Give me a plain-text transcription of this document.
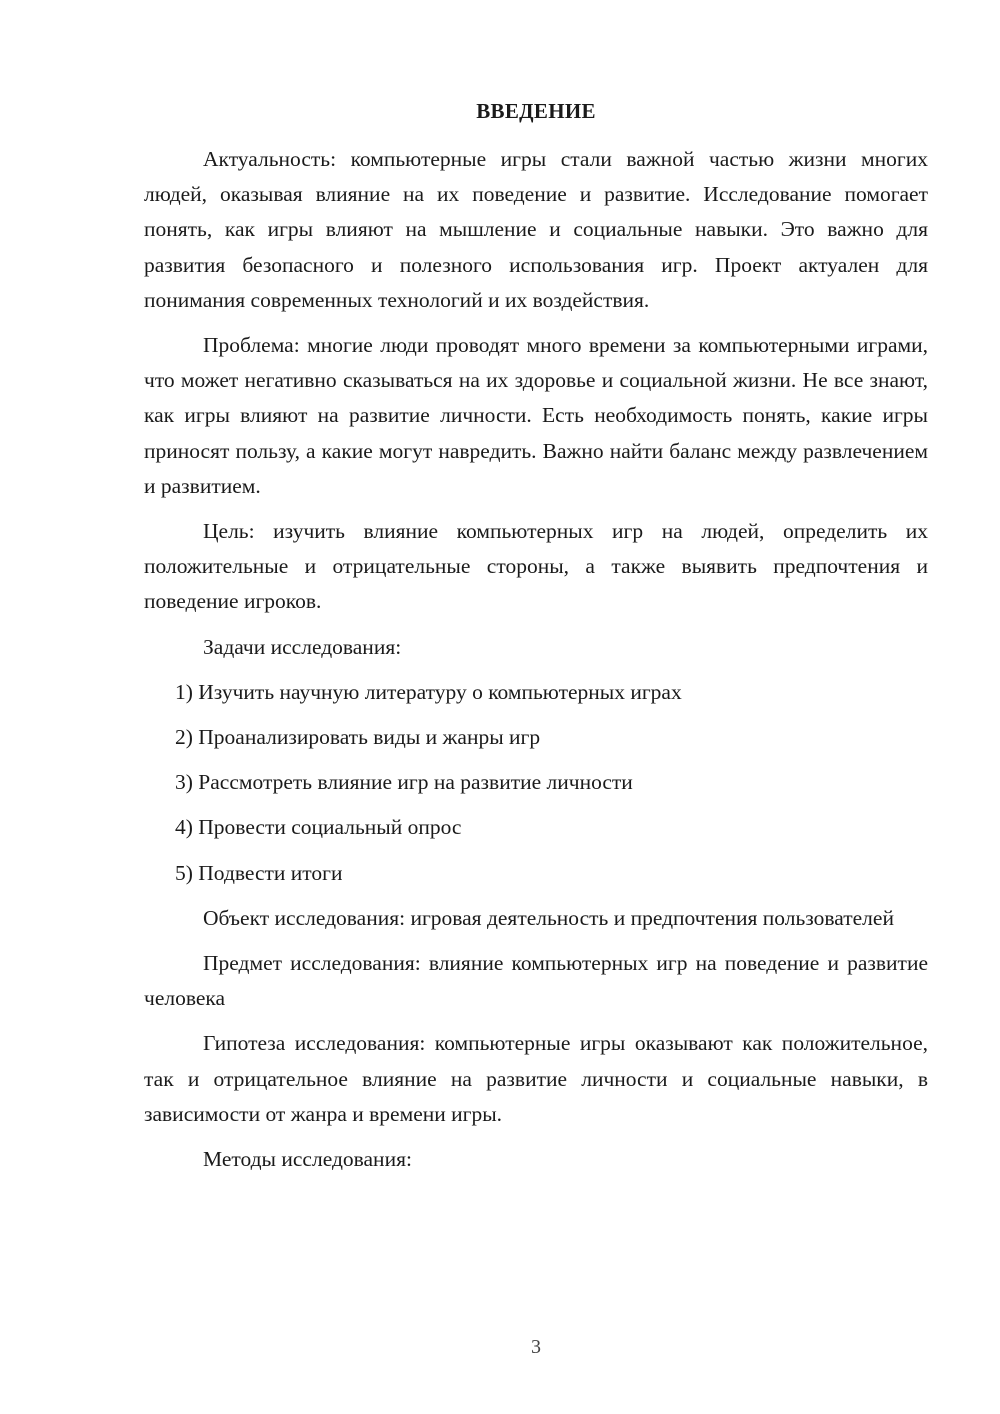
ВВЕДЕНИЕ

Актуальность: компьютерные игры стали важной частью жизни многих людей, оказывая влияние на их поведение и развитие. Исследование помогает понять, как игры влияют на мышление и социальные навыки. Это важно для развития безопасного и полезного использования игр. Проект актуален для понимания современных технологий и их воздействия.

Проблема: многие люди проводят много времени за компьютерными играми, что может негативно сказываться на их здоровье и социальной жизни. Не все знают, как игры влияют на развитие личности. Есть необходимость понять, какие игры приносят пользу, а какие могут навредить. Важно найти баланс между развлечением и развитием.

Цель: изучить влияние компьютерных игр на людей, определить их положительные и отрицательные стороны, а также выявить предпочтения и поведение игроков.

Задачи исследования:

1) Изучить научную литературу о компьютерных играх
2) Проанализировать виды и жанры игр
3) Рассмотреть влияние игр на развитие личности
4) Провести социальный опрос
5) Подвести итоги

Объект исследования: игровая деятельность и предпочтения пользователей

Предмет исследования: влияние компьютерных игр на поведение и развитие человека

Гипотеза исследования: компьютерные игры оказывают как положительное, так и отрицательное влияние на развитие личности и социальные навыки, в зависимости от жанра и времени игры.

Методы исследования:

3
